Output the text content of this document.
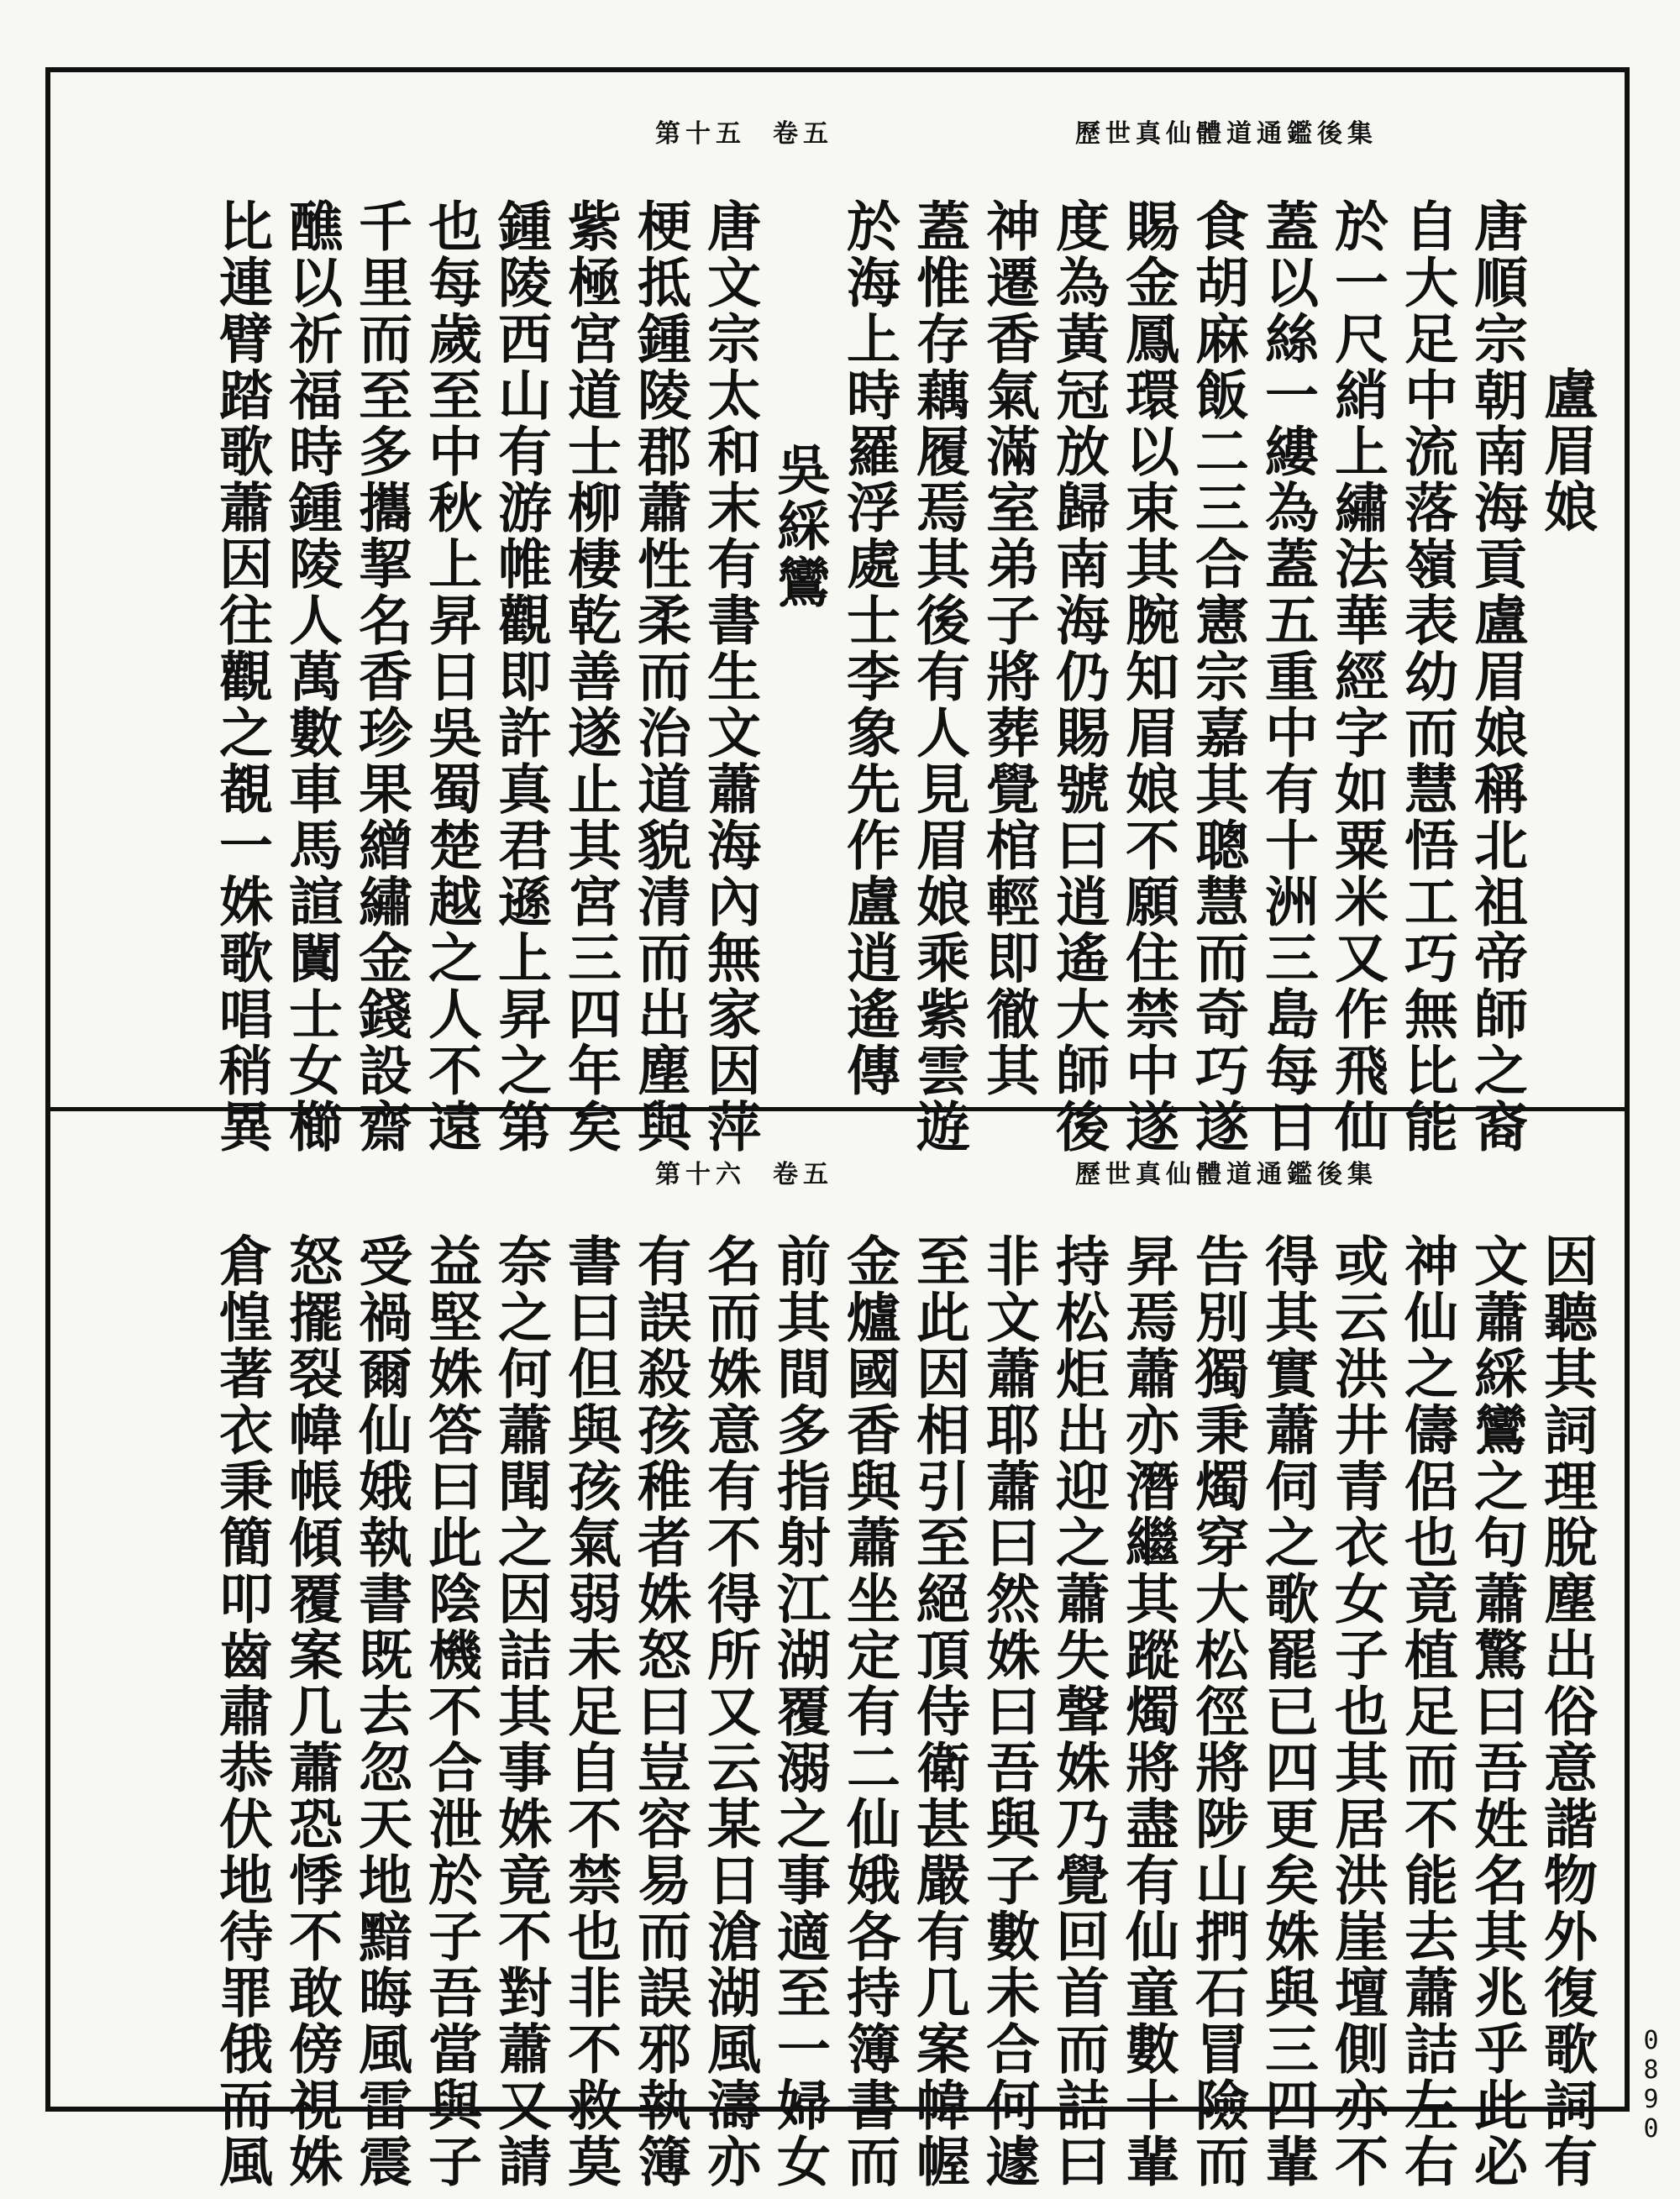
0890
歷世真仙體道通鑑後集
卷五
第十五
盧眉娘
唐順宗朝南海貢盧眉娘稱北祖帝師之裔
自大足中流落嶺表幼而慧悟工巧無比能
於一尺綃上繡法華經字如粟米又作飛仙
蓋以絲一縷為蓋五重中有十洲三島每日
食胡麻飯二三合憲宗嘉其聰慧而奇巧遂
賜金鳳環以束其腕知眉娘不願住禁中遂
度為黃冠放歸南海仍賜號曰逍遙大師後
神遷香氣滿室弟子將葬覺棺輕即徹其
蓋惟存藕履焉其後有人見眉娘乘紫雲遊
於海上時羅浮處士李象先作盧逍遙傳
吳綵鸞
唐文宗太和末有書生文蕭海內無家因萍
梗抵鍾陵郡蕭性柔而治道貌清而出塵與
紫極宮道士柳棲乾善遂止其宮三四年矣
鍾陵西山有游帷觀即許真君遜上昇之第
也每歲至中秋上昇日吳蜀楚越之人不遠
千里而至多攜挈名香珍果繒繡金錢設齋
醮以祈福時鍾陵人萬數車馬諠闐士女櫛
比連臂踏歌蕭因往觀之覩一姝歌唱稍異
歷世真仙體道通鑑後集
卷五
第十六
因聽其詞理脫塵出俗意諧物外復歌詞有
文蕭綵鸞之句蕭驚曰吾姓名其兆乎此必
神仙之儔侶也竟植足而不能去蕭詰左右
或云洪井青衣女子也其居洪崖壇側亦不
得其實蕭伺之歌罷已四更矣姝與三四輩
告別獨秉燭穿大松徑將陟山捫石冒險而
昇焉蕭亦潛繼其蹤燭將盡有仙童數十輩
持松炬出迎之蕭失聲姝乃覺回首而詰曰
非文蕭耶蕭曰然姝曰吾與子數未合何遽
至此因相引至絕頂侍衛甚嚴有几案幃幄
金爐國香與蕭坐定有二仙娥各持簿書而
前其間多指射江湖覆溺之事適至一婦女
名而姝意有不得所又云某日滄湖風濤亦
有誤殺孩稚者姝怒曰豈容易而誤邪執簿
書曰但與孩氣弱未足自不禁也非不救莫
奈之何蕭聞之因詰其事姝竟不對蕭又請
益堅姝答曰此陰機不合泄於子吾當與子
受禍爾仙娥執書既去忽天地黯晦風雷震
怒擺裂幃帳傾覆案几蕭恐悸不敢傍視姝
倉惶著衣秉簡叩齒肅恭伏地待罪俄而風
